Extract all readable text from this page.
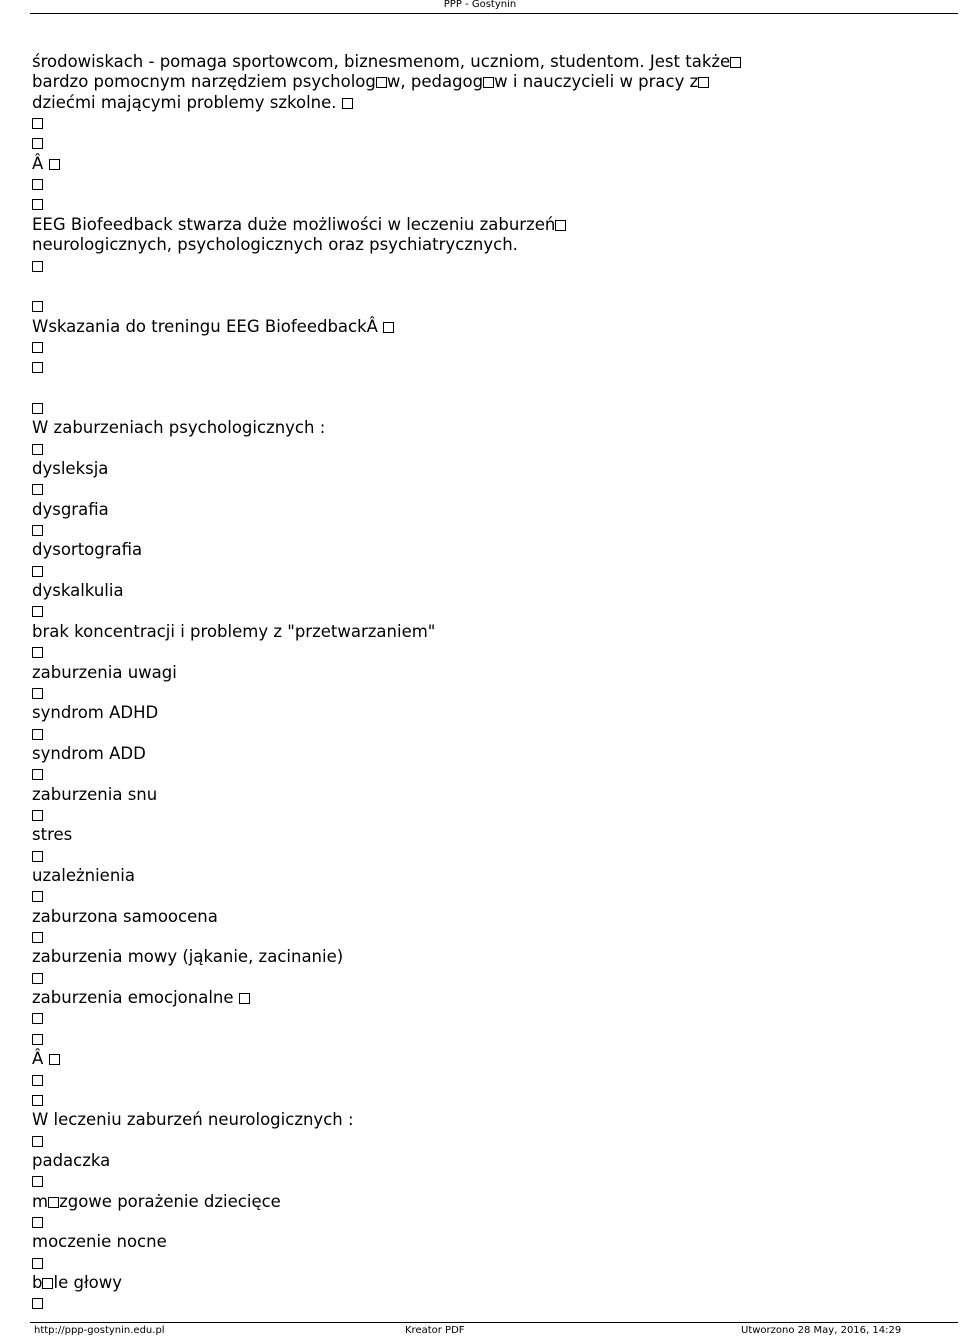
PPP - Gostynin
środowiskach - pomaga sportowcom, biznesmenom, uczniom, studentom. Jest także
bardzo pomocnym narzędziem psycholog w, pedagog w i nauczycieli w pracy z
dziećmi mającymi problemy szkolne.
Â
EEG Biofeedback stwarza duże możliwości w leczeniu zaburzeń
neurologicznych, psychologicznych oraz psychiatrycznych.
Wskazania do treningu EEG BiofeedbackÂ
W zaburzeniach psychologicznych :
dysleksja
dysgrafia
dysortografia
dyskalkulia
brak koncentracji i problemy z "przetwarzaniem"
zaburzenia uwagi
syndrom ADHD
syndrom ADD
zaburzenia snu
stres
uzależnienia
zaburzona samoocena
zaburzenia mowy (jąkanie, zacinanie)
zaburzenia emocjonalne
Â
W leczeniu zaburzeń neurologicznych :
padaczka
m zgowe porażenie dziecięce
moczenie nocne
b le głowy
http://ppp-gostynin.edu.pl	Kreator PDF	Utworzono 28 May, 2016, 14:29
